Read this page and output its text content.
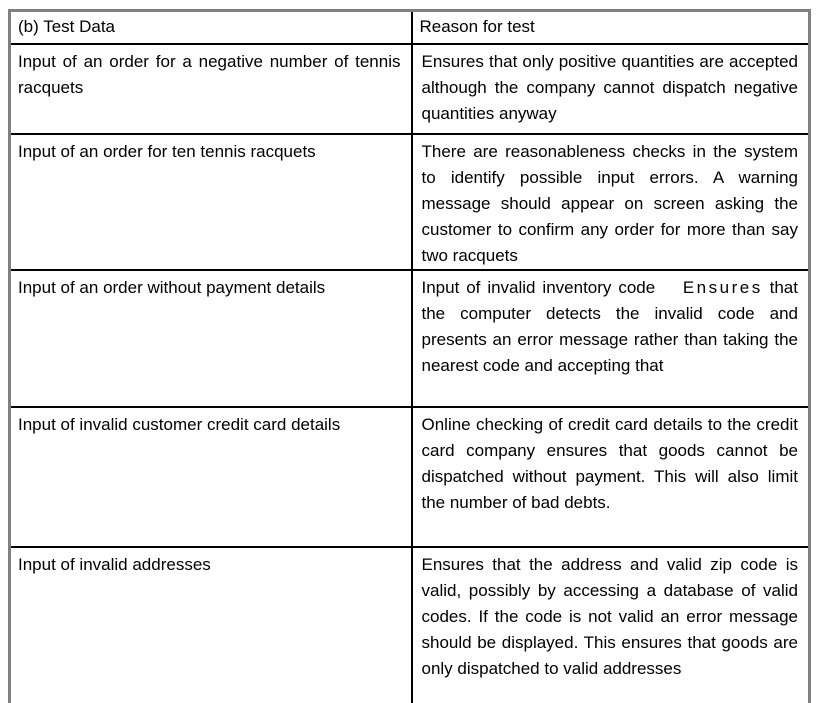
(b) Test Data	Reason for test
Input of an order for a negative number of tennis racquets	Ensures that only positive quantities are accepted although the company cannot dispatch negative quantities anyway
Input of an order for ten tennis racquets	There are reasonableness checks in the system to identify possible input errors. A warning message should appear on screen asking the customer to confirm any order for more than say two racquets
Input of an order without payment details	Input of invalid inventory code    Ensures that the computer detects the invalid code and presents an error message rather than taking the nearest code and accepting that
Input of invalid customer credit card details	Online checking of credit card details to the credit card company ensures that goods cannot be dispatched without payment. This will also limit the number of bad debts.
Input of invalid addresses	Ensures that the address and valid zip code is valid, possibly by accessing a database of valid codes. If the code is not valid an error message should be displayed. This ensures that goods are only dispatched to valid addresses
